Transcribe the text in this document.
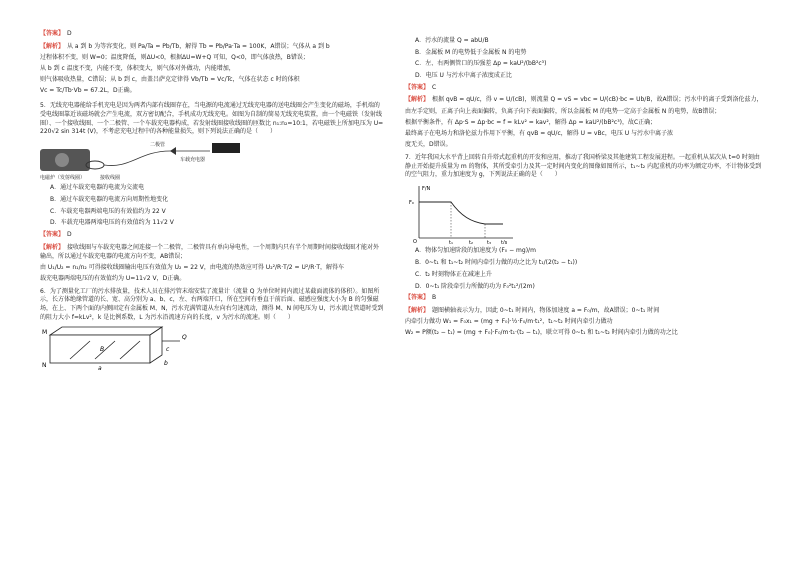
【答案】 D
【解析】 从 a 到 b 为等容变化，则 Pa/Ta = Pb/Tb，解得 Tb = Pb/Pa·Ta = 100K，A错误；气体从 a 到 b
过程体积不变，则 W=0；温度降低，则ΔU<0，根据ΔU=W+Q 可知，Q<0，即气体放热，B错误；
从 b 到 c 温度不变，内能不变，体积变大，则气体对外做功，内能增加，
则气体吸收热量，C错误；从 b 到 c，由盖吕萨克定律得 Vb/Tb = Vc/Tc，气体在状态 c 时的体积
Vc = Tc/Tb·Vb = 67.2L，D正确。
5．无线充电器能给手机充电是因为两者内部有线圈存在，当电源的电流通过无线充电器的送电线圈会产生变化的磁场，手机端的受电线圈靠近该磁场就会产生电流，双方密切配合，手机成功无线充电。如图为自制的简易无线充电装置，由一个电磁铁（发射线圈）、一个接收线圈、一个二极管、一个车载充电器构成，若发射线圈接收线圈的匝数比 n₁:n₂=10:1，若电磁铁上所加电压为 U=220√2 sin 314t (V)，不考虑充电过程中的各种能量损失，则下列说法正确的是（　　）
二极管
车载充电器
电磁炉（发射线圈）	接收线圈
A．通过车载充电器的电流为交流电
B．通过车载充电器的电流方向周期性地变化
C．车载充电器两端电压的有效值约为 22 V
D．车载充电器两端电压的有效值约为 11√2 V
【答案】 D
【解析】 接收线圈与车载充电器之间连接一个二极管，二极管具有单向导电性，一个周期内只有半个周期时间接收线圈才能对外输出，所以通过车载充电器的电流方向不变，AB错误；
由 U₁/U₂ = n₁/n₂ 可得接收线圈输出电压有效值为 U₂ = 22 V，由电流的热效应可得 U₂²/R·T/2 = U²/R·T，解得车
载充电器两端电压的有效值约为 U=11√2 V，D正确。
6．为了测量化工厂的污水排放量，技术人员在排污管末端安装了流量计（流量 Q 为单位时间内流过某截面流体的体积）。如图所示，长方体绝缘管道的长、宽、高分别为 a、b、c，左、右两端开口，所在空间有垂直于前后面、磁感应强度大小为 B 的匀强磁场，在上、下两个面的内侧固定有金属板 M、N，污水充满管道从左向右匀速流动，测得 M、N 间电压为 U，污水流过管道时受到的阻力大小 f=kLv²，k 是比例系数，L 为污水沿流速方向的长度，v 为污水的流速。则（　　）
M
N
B
Q
a
b
c
A．污水的流量 Q = abU/B
B．金属板 M 的电势低于金属板 N 的电势
C．左、右两侧管口的压强差 Δp = kaU²/(bB²c³)
D．电压 U 与污水中离子浓度成正比
【答案】 C
【解析】 根据 qvB = qU/c，得 v = U/(cB)，则流量 Q = vS = vbc = U/(cB)·bc = Ub/B，故A错误；污水中的离子受到洛伦兹力，
由左手定则，正离子向上表面偏转，负离子向下表面偏转，所以金属板 M 的电势一定高于金属板 N 的电势，故B错误；
根据平衡条件，有 Δp·S = Δp·bc = f = kLv² = kav²，解得 Δp = kaU²/(bB²c³)，故C正确；
最终离子在电场力和洛伦兹力作用下平衡，有 qvB = qU/c，解得 U = vBc，电压 U 与污水中离子浓
度无关，D错误。
7．近年我国大水平背上回转自升塔式起重机的开发和应用，推动了我国桥梁及其他建筑工程发展进程。一起重机从某次从 t=0 时刻由静止开始提升质量为 m 的物体，其所受牵引力及其一定时间内变化的图像如图所示，t₁~t₂ 内起重机的功率为额定功率，不计物体受到的空气阻力，重力加速度为 g，下列说法正确的是（　　）
F/N
F₀
O	t₁	t₂	t₃ t/s
A．物体匀加速阶段的加速度为 (F₀ − mg)/m
B．0~t₁ 和 t₁~t₂ 时间内牵引力做的功之比为 t₁/(2(t₂ − t₁))
C．t₂ 时刻物体正在减速上升
D．0~t₁ 阶段牵引力所做的功为 F₀²t₁²/(2m)
【答案】 B
【解析】 题图横轴表示为力，因此 0~t₁ 时间内，物体加速度 a = F₀/m，故A错误；0~t₁ 时间
内牵引力做功 W₁ = F₀x₁ = (mg + F₀)·½·F₀/m·t₁²，t₁~t₂ 时间内牵引力做功
W₂ = P额(t₂ − t₁) = (mg + F₀)·F₀/m·t₁·(t₂ − t₁)，联立可得 0~t₁ 和 t₁~t₂ 时间内牵引力做的功之比
